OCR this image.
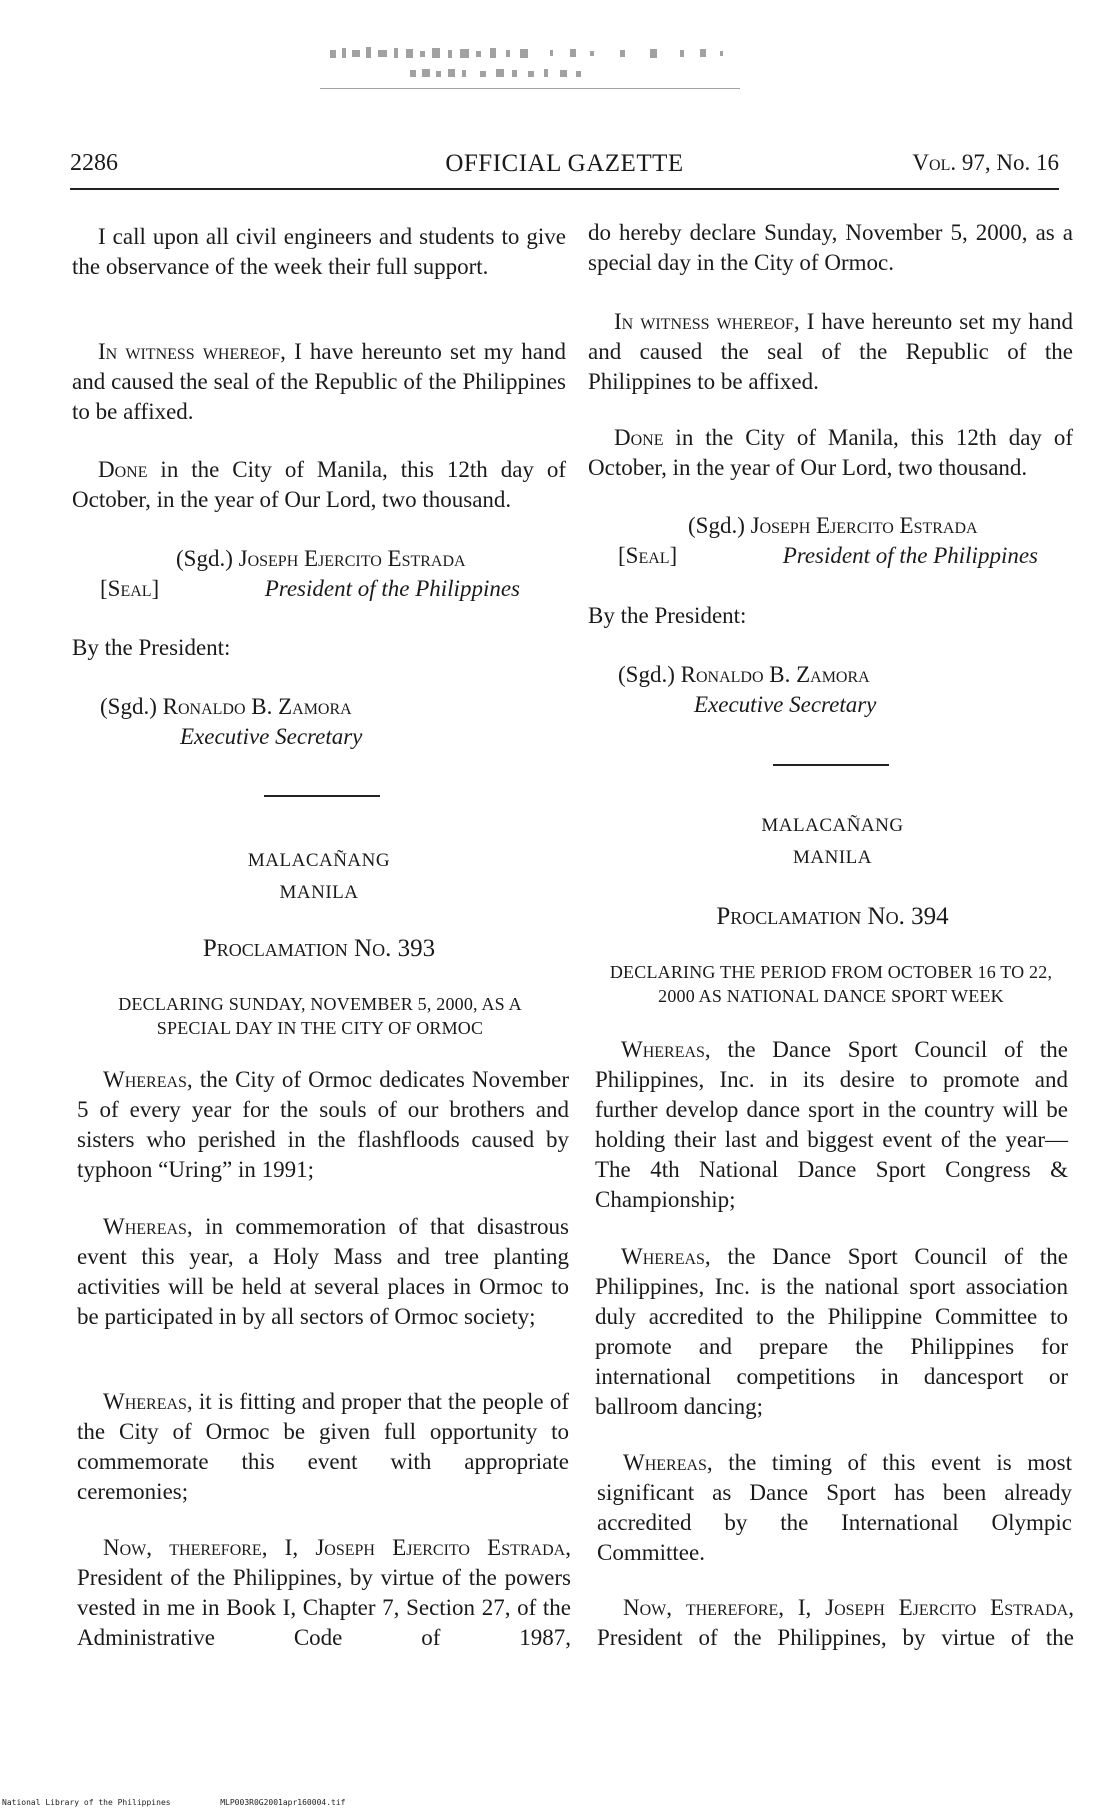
2286	OFFICIAL GAZETTE	Vol. 97, No. 16

I call upon all civil engineers and students to give the observance of the week their full support.

In witness whereof, I have hereunto set my hand and caused the seal of the Republic of the Philippines to be affixed.

Done in the City of Manila, this 12th day of October, in the year of Our Lord, two thousand.

(Sgd.) Joseph Ejercito Estrada

[Seal]	President of the Philippines

By the President:

(Sgd.) Ronaldo B. Zamora

Executive Secretary

MALACAÑANG

MANILA

Proclamation No. 393

DECLARING SUNDAY, NOVEMBER 5, 2000, AS A SPECIAL DAY IN THE CITY OF ORMOC

Whereas, the City of Ormoc dedicates November 5 of every year for the souls of our brothers and sisters who perished in the flashfloods caused by typhoon “Uring” in 1991;

Whereas, in commemoration of that disastrous event this year, a Holy Mass and tree planting activities will be held at several places in Ormoc to be participated in by all sectors of Ormoc society;

Whereas, it is fitting and proper that the people of the City of Ormoc be given full opportunity to commemorate this event with appropriate ceremonies;

Now, therefore, I, Joseph Ejercito Estrada, President of the Philippines, by virtue of the powers vested in me in Book I, Chapter 7, Section 27, of the Administrative Code of 1987,

do hereby declare Sunday, November 5, 2000, as a special day in the City of Ormoc.

In witness whereof, I have hereunto set my hand and caused the seal of the Republic of the Philippines to be affixed.

Done in the City of Manila, this 12th day of October, in the year of Our Lord, two thousand.

(Sgd.) Joseph Ejercito Estrada

[Seal]	President of the Philippines

By the President:

(Sgd.) Ronaldo B. Zamora

Executive Secretary

MALACAÑANG

MANILA

Proclamation No. 394

DECLARING THE PERIOD FROM OCTOBER 16 TO 22, 2000 AS NATIONAL DANCE SPORT WEEK

Whereas, the Dance Sport Council of the Philippines, Inc. in its desire to promote and further develop dance sport in the country will be holding their last and biggest event of the year—The 4th National Dance Sport Congress & Championship;

Whereas, the Dance Sport Council of the Philippines, Inc. is the national sport association duly accredited to the Philippine Committee to promote and prepare the Philippines for international competitions in dancesport or ballroom dancing;

Whereas, the timing of this event is most significant as Dance Sport has been already accredited by the International Olympic Committee.

Now, therefore, I, Joseph Ejercito Estrada, President of the Philippines, by virtue of the

National Library of the Philippines	MLP003R0G2001apr160004.tif
